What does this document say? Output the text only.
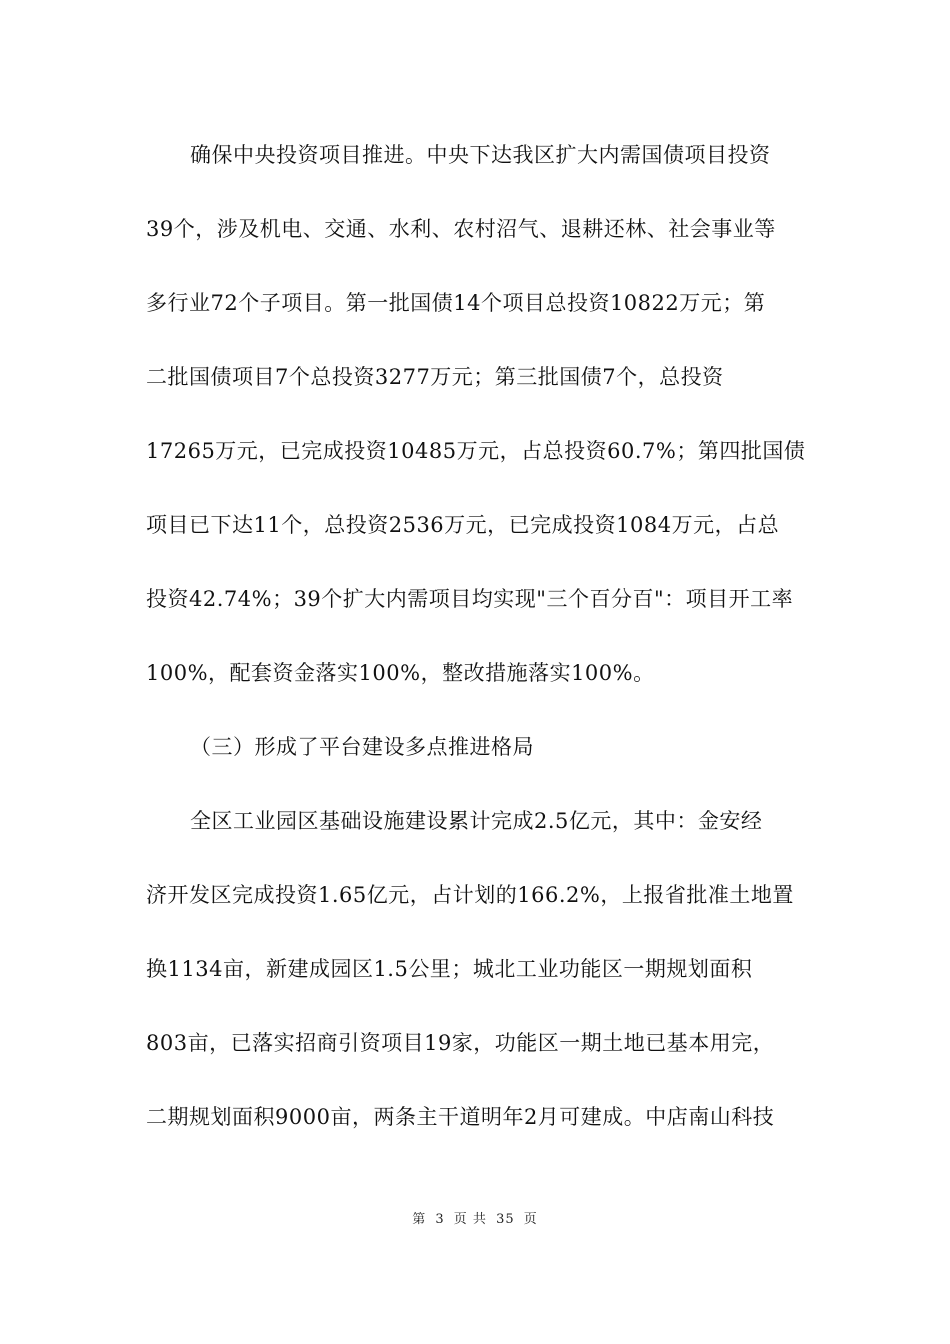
确保中央投资项目推进。中央下达我区扩大内需国债项目投资
39个，涉及机电、交通、水利、农村沼气、退耕还林、社会事业等
多行业72个子项目。第一批国债14个项目总投资10822万元；第
二批国债项目7个总投资3277万元；第三批国债7个，总投资
17265万元，已完成投资10485万元，占总投资60.7%；第四批国债
项目已下达11个，总投资2536万元，已完成投资1084万元，占总
投资42.74%；39个扩大内需项目均实现"三个百分百"：项目开工率
100%，配套资金落实100%，整改措施落实100%。
（三）形成了平台建设多点推进格局
全区工业园区基础设施建设累计完成2.5亿元，其中：金安经
济开发区完成投资1.65亿元，占计划的166.2%，上报省批准土地置
换1134亩，新建成园区1.5公里；城北工业功能区一期规划面积
803亩，已落实招商引资项目19家，功能区一期土地已基本用完，
二期规划面积9000亩，两条主干道明年2月可建成。中店南山科技
第 3 页 共 35 页
